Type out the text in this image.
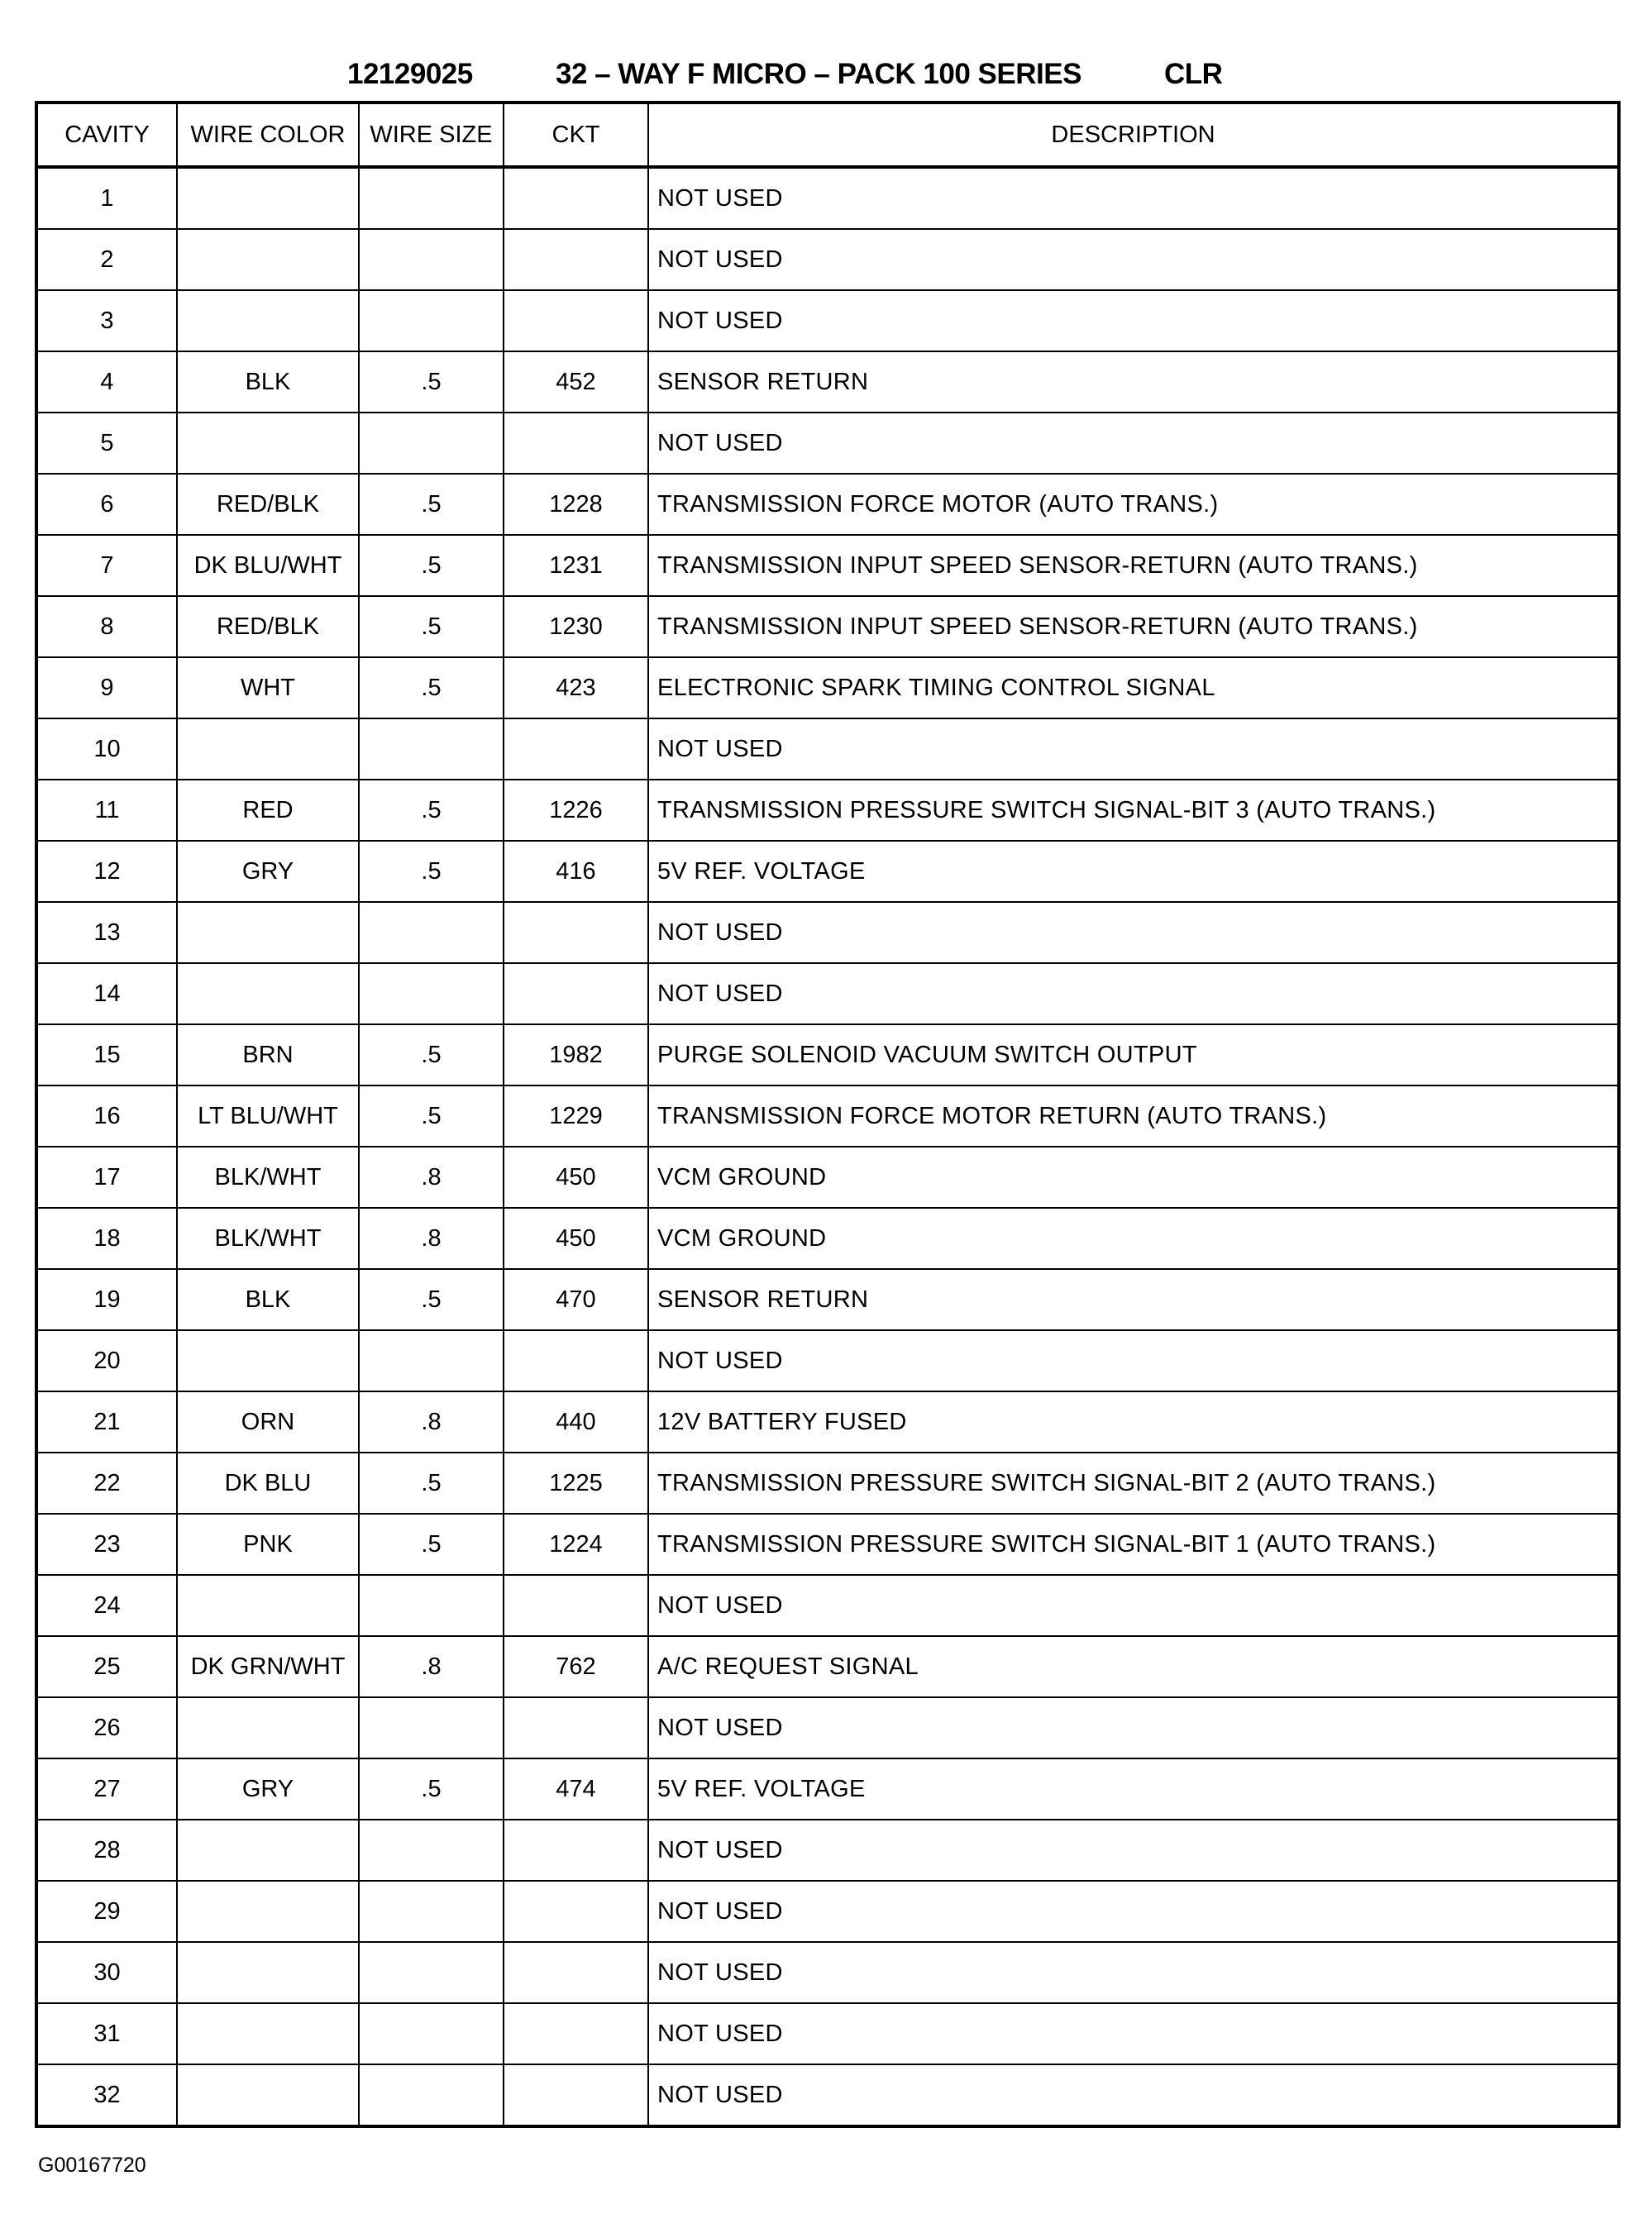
12129025	32 – WAY F MICRO – PACK 100 SERIES	CLR
CAVITY	WIRE COLOR	WIRE SIZE	CKT	DESCRIPTION
1				NOT USED
2				NOT USED
3				NOT USED
4	BLK	.5	452	SENSOR RETURN
5				NOT USED
6	RED/BLK	.5	1228	TRANSMISSION FORCE MOTOR (AUTO TRANS.)
7	DK BLU/WHT	.5	1231	TRANSMISSION INPUT SPEED SENSOR-RETURN (AUTO TRANS.)
8	RED/BLK	.5	1230	TRANSMISSION INPUT SPEED SENSOR-RETURN (AUTO TRANS.)
9	WHT	.5	423	ELECTRONIC SPARK TIMING CONTROL SIGNAL
10				NOT USED
11	RED	.5	1226	TRANSMISSION PRESSURE SWITCH SIGNAL-BIT 3 (AUTO TRANS.)
12	GRY	.5	416	5V REF. VOLTAGE
13				NOT USED
14				NOT USED
15	BRN	.5	1982	PURGE SOLENOID VACUUM SWITCH OUTPUT
16	LT BLU/WHT	.5	1229	TRANSMISSION FORCE MOTOR RETURN (AUTO TRANS.)
17	BLK/WHT	.8	450	VCM GROUND
18	BLK/WHT	.8	450	VCM GROUND
19	BLK	.5	470	SENSOR RETURN
20				NOT USED
21	ORN	.8	440	12V BATTERY FUSED
22	DK BLU	.5	1225	TRANSMISSION PRESSURE SWITCH SIGNAL-BIT 2 (AUTO TRANS.)
23	PNK	.5	1224	TRANSMISSION PRESSURE SWITCH SIGNAL-BIT 1 (AUTO TRANS.)
24				NOT USED
25	DK GRN/WHT	.8	762	A/C REQUEST SIGNAL
26				NOT USED
27	GRY	.5	474	5V REF. VOLTAGE
28				NOT USED
29				NOT USED
30				NOT USED
31				NOT USED
32				NOT USED
G00167720
